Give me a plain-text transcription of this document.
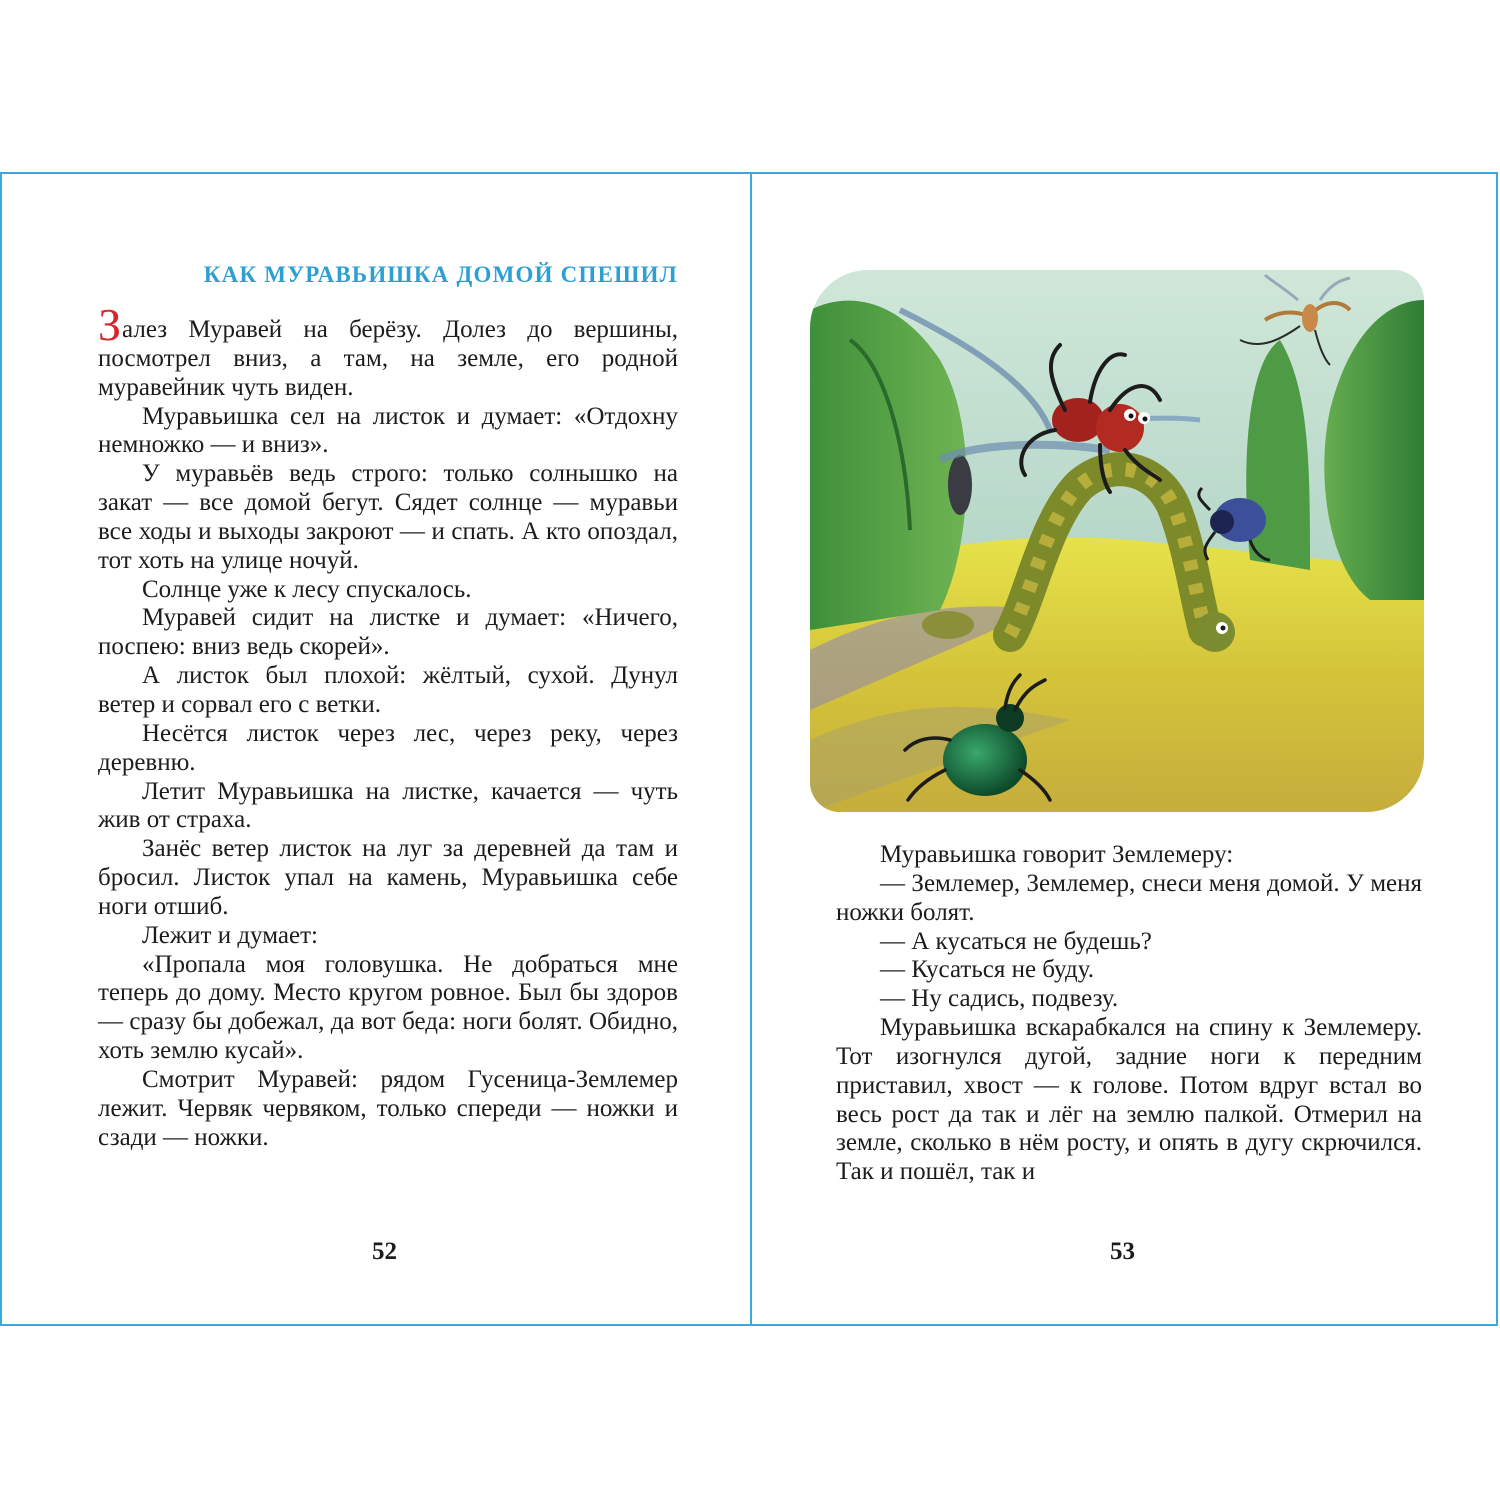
КАК МУРАВЬИШКА ДОМОЙ СПЕШИЛ

Залез Муравей на берёзу. Долез до вершины, посмотрел вниз, а там, на земле, его родной муравейник чуть виден.

Муравьишка сел на листок и думает: «Отдохну немножко — и вниз».

У муравьёв ведь строго: только солнышко на закат — все домой бегут. Сядет солнце — муравьи все ходы и выходы закроют — и спать. А кто опоздал, тот хоть на улице ночуй.

Солнце уже к лесу спускалось.

Муравей сидит на листке и думает: «Ничего, поспею: вниз ведь скорей».

А листок был плохой: жёлтый, сухой. Дунул ветер и сорвал его с ветки.

Несётся листок через лес, через реку, через деревню.

Летит Муравьишка на листке, качается — чуть жив от страха.

Занёс ветер листок на луг за деревней да там и бросил. Листок упал на камень, Муравьишка себе ноги отшиб.

Лежит и думает:

«Пропала моя головушка. Не добраться мне теперь до дому. Место кругом ровное. Был бы здоров — сразу бы добежал, да вот беда: ноги болят. Обидно, хоть землю кусай».

Смотрит Муравей: рядом Гусеница-Землемер лежит. Червяк червяком, только спереди — ножки и сзади — ножки.

52

Муравьишка говорит Землемеру:

— Землемер, Землемер, снеси меня домой. У меня ножки болят.

— А кусаться не будешь?

— Кусаться не буду.

— Ну садись, подвезу.

Муравьишка вскарабкался на спину к Землемеру. Тот изогнулся дугой, задние ноги к передним приставил, хвост — к голове. Потом вдруг встал во весь рост да так и лёг на землю палкой. Отмерил на земле, сколько в нём росту, и опять в дугу скрючился. Так и пошёл, так и

53
